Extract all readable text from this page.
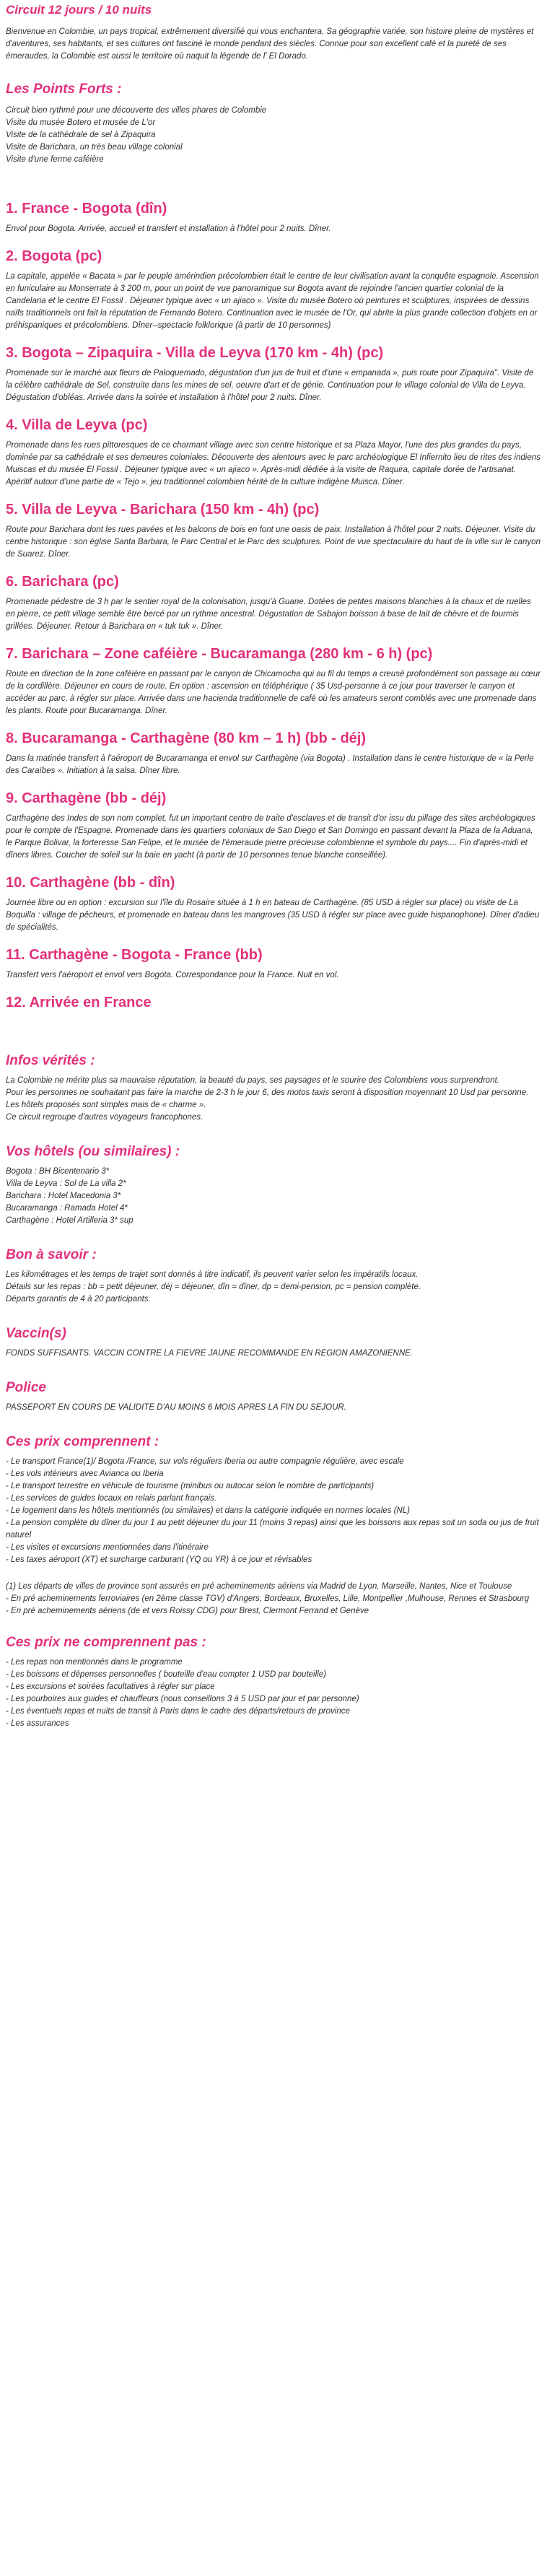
Circuit 12 jours / 10 nuits

Bienvenue en Colombie, un pays tropical, extrêmement diversifié qui vous enchantera. Sa géographie variée, son histoire pleine de mystères et d'aventures, ses habitants, et ses cultures ont fasciné le monde pendant des siècles. Connue pour son excellent café et la pureté de ses émeraudes, la Colombie est aussi le territoire où naquit la légende de l' El Dorado.

Les Points Forts :
Circuit bien rythmé pour une découverte des villes phares de Colombie
Visite du musée Botero et musée de L'or
Visite de la cathédrale de sel à Zipaquira
Visite de Barichara, un très beau village colonial
Visite d'une ferme caféière
1. France - Bogota (dîn)

Envol pour Bogota. Arrivée, accueil et transfert et installation à l'hôtel pour 2 nuits. Dîner.

2. Bogota (pc)

La capitale, appelée « Bacata » par le peuple amérindien précolombien était le centre de leur civilisation avant la conquête espagnole. Ascension en funiculaire au Monserrate à 3 200 m, pour un point de vue panoramique sur Bogota avant de rejoindre l'ancien quartier colonial de la Candelaria et le centre El Fossil . Déjeuner typique avec « un ajiaco ». Visite du musée Botero où peintures et sculptures, inspirées de dessins naïfs traditionnels ont fait la réputation de Fernando Botero. Continuation avec le musée de l'Or, qui abrite la plus grande collection d'objets en or préhispaniques et précolombiens. Dîner--spectacle folklorique (à partir de 10 personnes)

3. Bogota – Zipaquira - Villa de Leyva (170 km - 4h) (pc)

Promenade sur le marché aux fleurs de Paloquemado, dégustation d'un jus de fruit et d'une « empanada », puis route pour Zipaquira". Visite de la célèbre cathédrale de Sel, construite dans les mines de sel, oeuvre d'art et de génie. Continuation pour le village colonial de Villa de Leyva. Dégustation d'obléas. Arrivée dans la soirée et installation à l'hôtel pour 2 nuits. Dîner.

4. Villa de Leyva (pc)

Promenade dans les rues pittoresques de ce charmant village avec son centre historique et sa Plaza Mayor, l'une des plus grandes du pays, dominée par sa cathédrale et ses demeures coloniales. Découverte des alentours avec le parc archéologique El Infiernito lieu de rites des indiens Muiscas et du musée El Fossil . Déjeuner typique avec « un ajiaco ». Après-midi dédiée à la visite de Raquira, capitale dorée de l'artisanat. Apéritif autour d'une partie de « Tejo », jeu traditionnel colombien hérité de la culture indigène Muisca. Dîner.

5. Villa de Leyva - Barichara (150 km - 4h) (pc)

Route pour Barichara dont les rues pavées et les balcons de bois en font une oasis de paix. Installation à l'hôtel pour 2 nuits. Déjeuner. Visite du centre historique : son église Santa Barbara, le Parc Central et le Parc des sculptures. Point de vue spectaculaire du haut de la ville sur le canyon de Suarez. Dîner.

6. Barichara (pc)

Promenade pédestre de 3 h par le sentier royal de la colonisation, jusqu'à Guane. Dotées de petites maisons blanchies à la chaux et de ruelles en pierre, ce petit village semble être bercé par un rythme ancestral. Dégustation de Sabajon boisson à base de lait de chèvre et de fourmis grillées. Déjeuner. Retour à Barichara en « tuk tuk ». Dîner.

7. Barichara – Zone caféière - Bucaramanga (280 km - 6 h) (pc)

Route en direction de la zone caféière en passant par le canyon de Chicamocha qui au fil du temps a creusé profondément son passage au cœur de la cordillère. Déjeuner en cours de route. En option : ascension en téléphérique ( 35 Usd-personne à ce jour pour traverser le canyon et accéder au parc, à régler sur place. Arrivée dans une hacienda traditionnelle de café où les amateurs seront comblés avec une promenade dans les plants. Route pour Bucaramanga. Dîner.

8. Bucaramanga - Carthagène (80 km – 1 h) (bb - déj)

Dans la matinée transfert à l'aéroport de Bucaramanga et envol sur Carthagène (via Bogota) . Installation dans le centre historique de « la Perle des Caraïbes ». Initiation à la salsa. Dîner libre.

9. Carthagène (bb - déj)

Carthagène des Indes de son nom complet, fut un important centre de traite d'esclaves et de transit d'or issu du pillage des sites archéologiques pour le compte de l'Espagne. Promenade dans les quartiers coloniaux de San Diego et San Domingo en passant devant la Plaza de la Aduana, le Parque Bolivar, la forteresse San Felipe, et le musée de l'émeraude pierre précieuse colombienne et symbole du pays.... Fin d'après-midi et dîners libres. Coucher de soleil sur la baie en yacht (à partir de 10 personnes tenue blanche conseillée).

10. Carthagène (bb - dîn)

Journée libre ou en option : excursion sur l'île du Rosaire située à 1 h en bateau de Carthagène. (85 USD à régler sur place) ou visite de La Boquilla : village de pêcheurs, et promenade en bateau dans les mangroves (35 USD à régler sur place avec guide hispanophone). Dîner d'adieu de spécialités.

11. Carthagène - Bogota - France (bb)

Transfert vers l'aéroport et envol vers Bogota. Correspondance pour la France. Nuit en vol.

12. Arrivée en France
Infos vérités :
La Colombie ne mérite plus sa mauvaise réputation, la beauté du pays, ses paysages et le sourire des Colombiens vous surprendront.
Pour les personnes ne souhaitant pas faire la marche de 2-3 h le jour 6, des motos taxis seront à disposition moyennant 10 Usd par personne.
Les hôtels proposés sont simples mais de « charme ».
Ce circuit regroupe d'autres voyageurs francophones.
Vos hôtels (ou similaires) :
Bogota : BH Bicentenario 3*
Villa de Leyva : Sol de La villa 2*
Barichara : Hotel Macedonia 3*
Bucaramanga : Ramada Hotel 4*
Carthagène : Hotel Artilleria 3* sup
Bon à savoir :
Les kilométrages et les temps de trajet sont donnés à titre indicatif, ils peuvent varier selon les impératifs locaux.
Détails sur les repas : bb = petit déjeuner, déj = déjeuner, dîn = dîner, dp = demi-pension, pc = pension complète.
Départs garantis de 4 à 20 participants.
Vaccin(s)

FONDS SUFFISANTS. VACCIN CONTRE LA FIEVRE JAUNE RECOMMANDE EN REGION AMAZONIENNE.

Police

PASSEPORT EN COURS DE VALIDITE D'AU MOINS 6 MOIS APRES LA FIN DU SEJOUR.

Ces prix comprennent :
- Le transport France(1)/ Bogota /France, sur vols réguliers Iberia ou autre compagnie régulière, avec escale
- Les vols intérieurs avec Avianca ou Iberia
- Le transport terrestre en véhicule de tourisme (minibus ou autocar selon le nombre de participants)
- Les services de guides locaux en relais parlant français.
- Le logement dans les hôtels mentionnés (ou similaires) et dans la catégorie indiquée en normes locales (NL)
- La pension complète du dîner du jour 1 au petit déjeuner du jour 11 (moins 3 repas) ainsi que les boissons aux repas soit un soda ou jus de fruit naturel
- Les visites et excursions mentionnées dans l'itinéraire
- Les taxes aéroport (XT) et surcharge carburant (YQ ou YR) à ce jour et révisables
(1) Les départs de villes de province sont assurés en pré acheminements aériens via Madrid de Lyon, Marseille, Nantes, Nice et Toulouse
- En pré acheminements ferroviaires (en 2ème classe TGV) d'Angers, Bordeaux, Bruxelles, Lille, Montpellier ,Mulhouse, Rennes et Strasbourg
- En pré acheminements aériens (de et vers Roissy CDG) pour Brest, Clermont Ferrand et Genève
Ces prix ne comprennent pas :
- Les repas non mentionnés dans le programme
- Les boissons et dépenses personnelles ( bouteille d'eau compter 1 USD par bouteille)
- Les excursions et soirées facultatives à régler sur place
- Les pourboires aux guides et chauffeurs (nous conseillons 3 à 5 USD par jour et par personne)
- Les éventuels repas et nuits de transit à Paris dans le cadre des départs/retours de province
- Les assurances
